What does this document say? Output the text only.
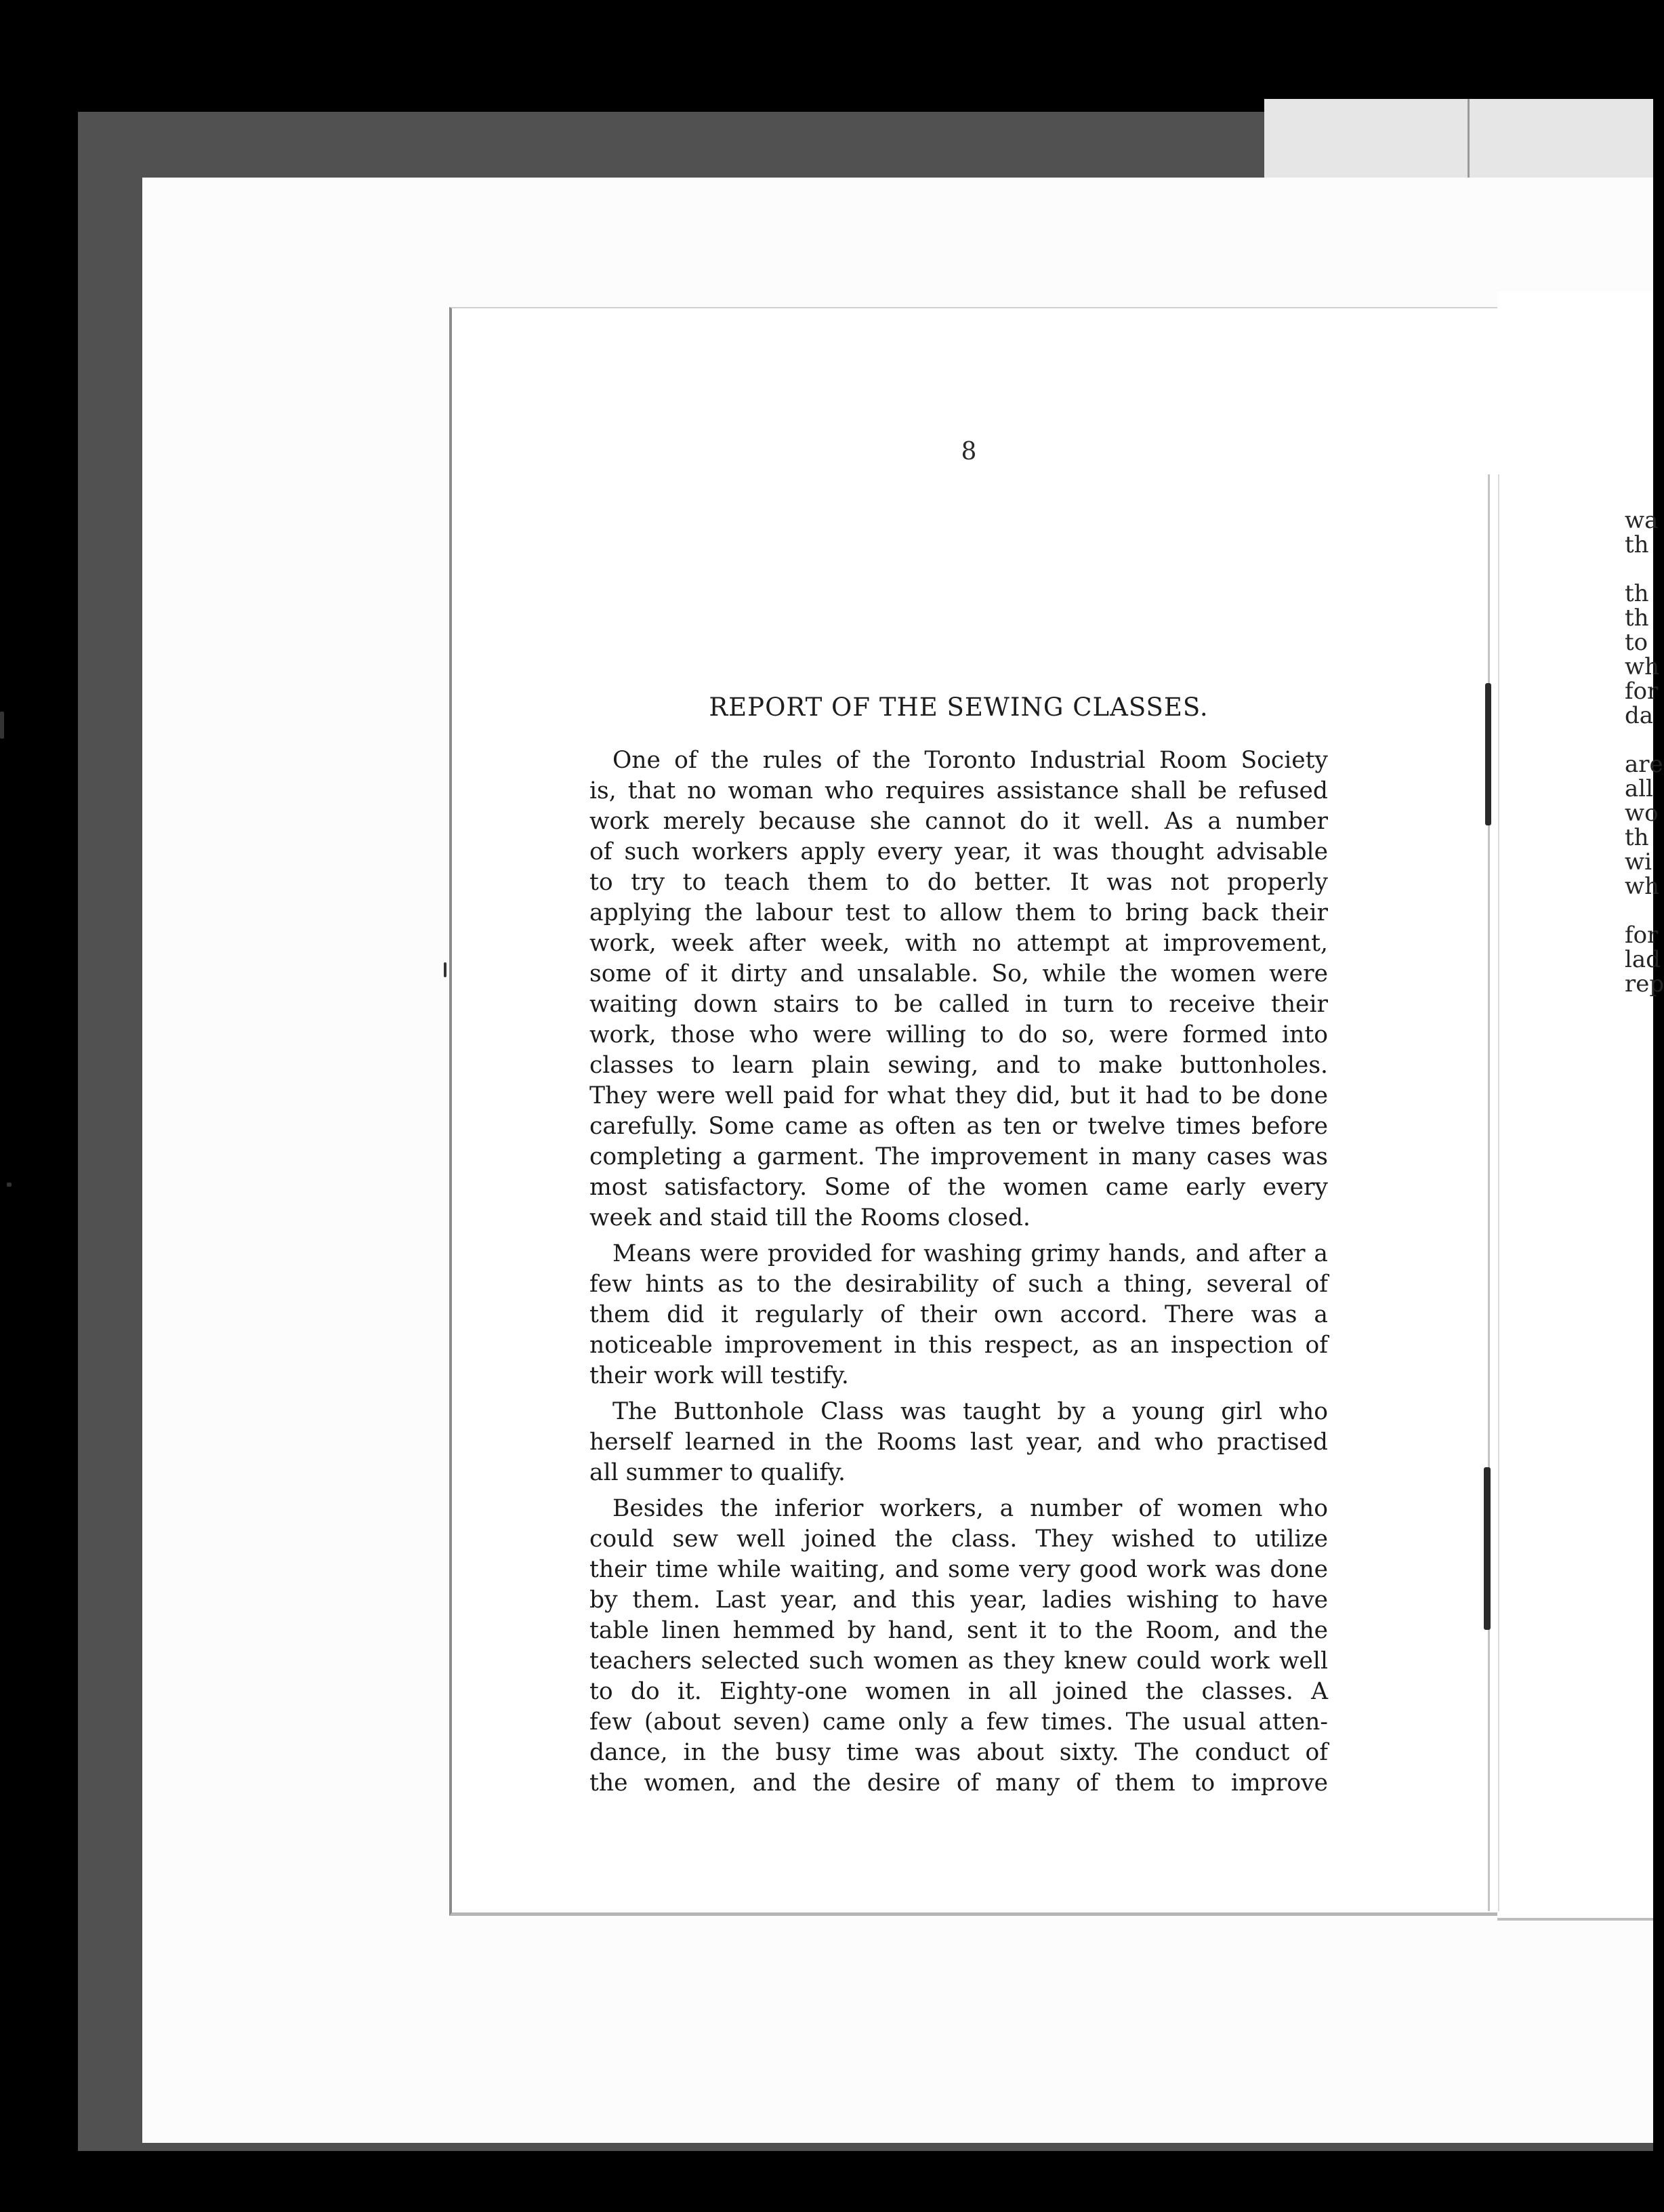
8
REPORT OF THE SEWING CLASSES.
One of the rules of the Toronto Industrial Room Society
is, that no woman who requires assistance shall be refused
work merely because she cannot do it well. As a number
of such workers apply every year, it was thought advisable
to try to teach them to do better. It was not properly
applying the labour test to allow them to bring back their
work, week after week, with no attempt at improvement,
some of it dirty and unsalable. So, while the women were
waiting down stairs to be called in turn to receive their
work, those who were willing to do so, were formed into
classes to learn plain sewing, and to make buttonholes.
They were well paid for what they did, but it had to be done
carefully. Some came as often as ten or twelve times before
completing a garment. The improvement in many cases was
most satisfactory. Some of the women came early every
week and staid till the Rooms closed.
Means were provided for washing grimy hands, and after a
few hints as to the desirability of such a thing, several of
them did it regularly of their own accord. There was a
noticeable improvement in this respect, as an inspection of
their work will testify.
The Buttonhole Class was taught by a young girl who
herself learned in the Rooms last year, and who practised
all summer to qualify.
Besides the inferior workers, a number of women who
could sew well joined the class. They wished to utilize
their time while waiting, and some very good work was done
by them. Last year, and this year, ladies wishing to have
table linen hemmed by hand, sent it to the Room, and the
teachers selected such women as they knew could work well
to do it. Eighty-one women in all joined the classes. A
few (about seven) came only a few times. The usual atten-
dance, in the busy time was about sixty. The conduct of
the women, and the desire of many of them to improve
wa
th
th
th
to
wh
for
da
are
all
wo
th
wi
wh
for
lad
rep
